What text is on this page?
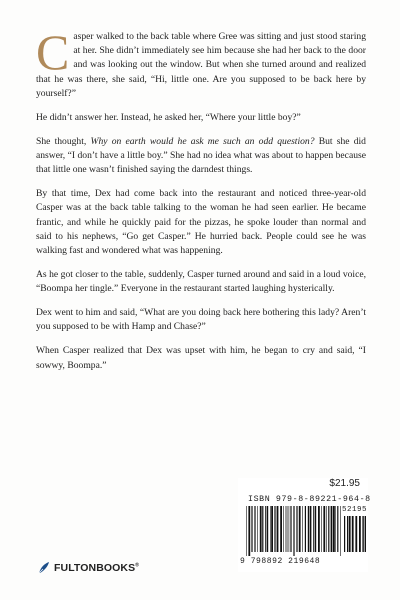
Casper walked to the back table where Gree was sitting and just stood staring at her. She didn’t immediately see him because she had her back to the door and was looking out the window. But when she turned around and realized that he was there, she said, “Hi, little one. Are you supposed to be back here by yourself?”

He didn’t answer her. Instead, he asked her, “Where your little boy?”

She thought, Why on earth would he ask me such an odd question? But she did answer, “I don’t have a little boy.” She had no idea what was about to happen because that little one wasn’t finished saying the darndest things.

By that time, Dex had come back into the restaurant and noticed three-year-old Casper was at the back table talking to the woman he had seen earlier. He became frantic, and while he quickly paid for the pizzas, he spoke louder than normal and said to his nephews, “Go get Casper.” He hurried back. People could see he was walking fast and wondered what was happening.

As he got closer to the table, suddenly, Casper turned around and said in a loud voice, “Boompa her tingle.” Everyone in the restaurant started laughing hysterically.

Dex went to him and said, “What are you doing back here bothering this lady? Aren’t you supposed to be with Hamp and Chase?”

When Casper realized that Dex was upset with him, he began to cry and said, “I sowwy, Boompa.”

$21.95
ISBN 979-8-89221-964-8
52195
9 798892 219648
FULTONBOOKS®
